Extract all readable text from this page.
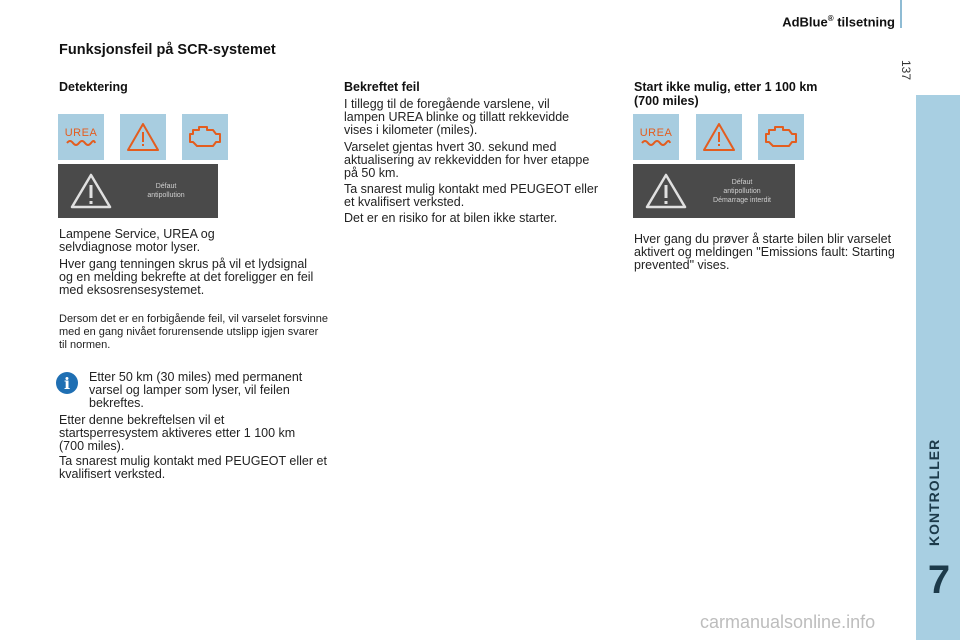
AdBlue® tilsetning
137
KONTROLLER
7
Funksjonsfeil på SCR-systemet
Detektering
UREA
Défaut
antipollution
Lampene Service, UREA og selvdiagnose motor lyser.
Hver gang tenningen skrus på vil et lydsignal og en melding bekrefte at det foreligger en feil med eksosrensesystemet.
Dersom det er en forbigående feil, vil varselet forsvinne med en gang nivået forurensende utslipp igjen svarer til normen.
i	Etter 50 km (30 miles) med permanent varsel og lamper som lyser, vil feilen bekreftes.
Etter denne bekreftelsen vil et startsperresystem aktiveres etter 1 100 km (700 miles).
Ta snarest mulig kontakt med PEUGEOT eller et kvalifisert verksted.
Bekreftet feil
I tillegg til de foregående varslene, vil lampen UREA blinke og tillatt rekkevidde vises i kilometer (miles).
Varselet gjentas hvert 30. sekund med aktualisering av rekkevidden for hver etappe på 50 km.
Ta snarest mulig kontakt med PEUGEOT eller et kvalifisert verksted.
Det er en risiko for at bilen ikke starter.
Start ikke mulig, etter 1 100 km
(700 miles)
UREA
Défaut
antipollution
Démarrage interdit
Hver gang du prøver å starte bilen blir varselet aktivert og meldingen "Emissions fault: Starting prevented" vises.
carmanualsonline.info
